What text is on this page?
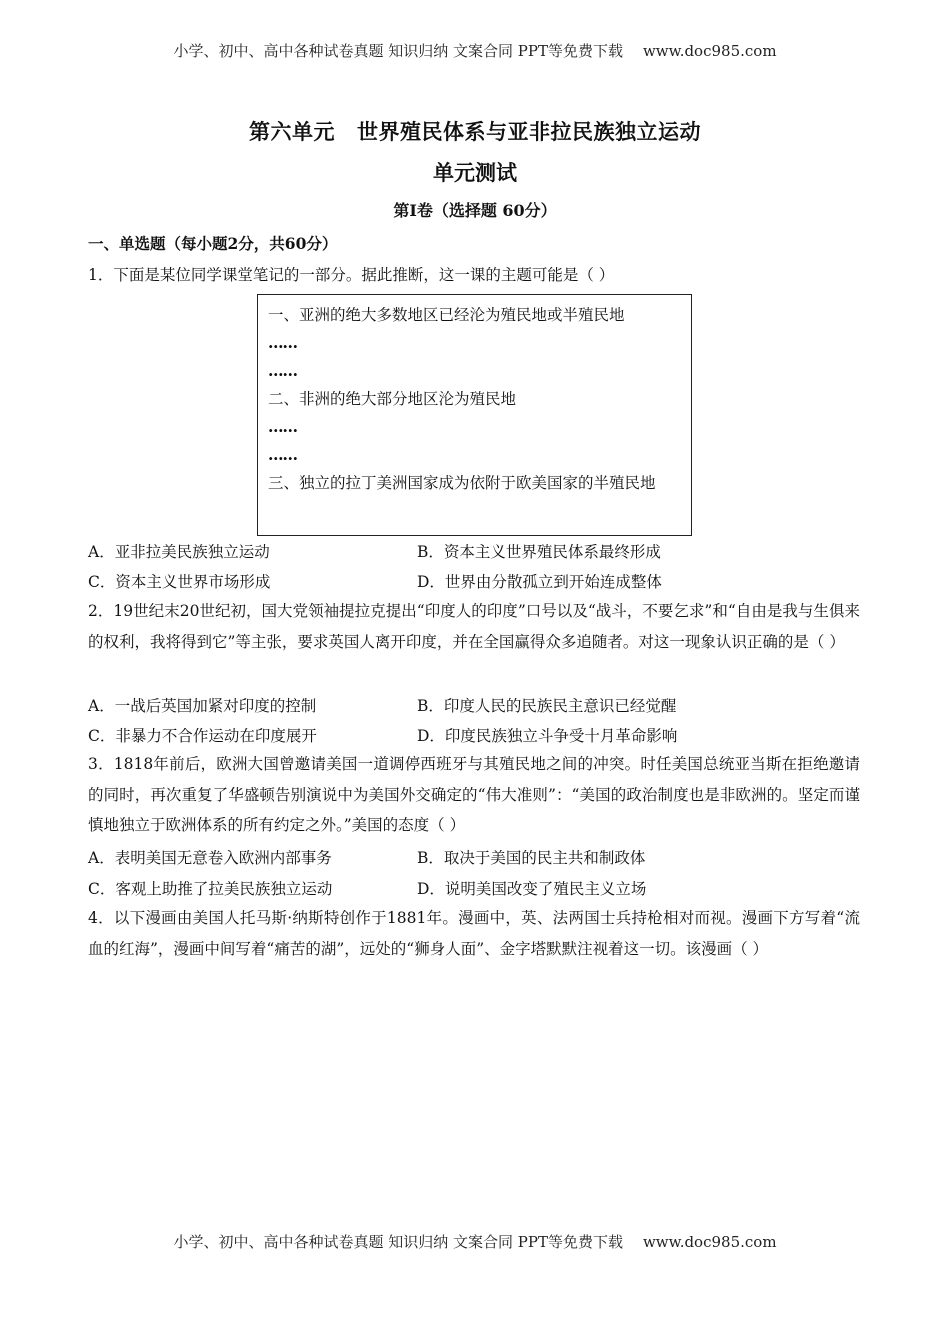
小学、初中、高中各种试卷真题 知识归纳 文案合同 PPT等免费下载 www.doc985.com
第六单元 世界殖民体系与亚非拉民族独立运动
单元测试
第I卷（选择题 60分）
一、单选题（每小题2分，共60分）
1．下面是某位同学课堂笔记的一部分。据此推断，这一课的主题可能是（ ）
一、亚洲的绝大多数地区已经沦为殖民地或半殖民地
……
……
二、非洲的绝大部分地区沦为殖民地
……
……
三、独立的拉丁美洲国家成为依附于欧美国家的半殖民地
A．亚非拉美民族独立运动	B．资本主义世界殖民体系最终形成
C．资本主义世界市场形成	D．世界由分散孤立到开始连成整体
2．19世纪末20世纪初，国大党领袖提拉克提出“印度人的印度”口号以及“战斗，不要乞求”和“自由是我与生俱来的权利，我将得到它”等主张，要求英国人离开印度，并在全国赢得众多追随者。对这一现象认识正确的是（ ）
A．一战后英国加紧对印度的控制	B．印度人民的民族民主意识已经觉醒
C．非暴力不合作运动在印度展开	D．印度民族独立斗争受十月革命影响
3．1818年前后，欧洲大国曾邀请美国一道调停西班牙与其殖民地之间的冲突。时任美国总统亚当斯在拒绝邀请的同时，再次重复了华盛顿告别演说中为美国外交确定的“伟大准则”：“美国的政治制度也是非欧洲的。坚定而谨慎地独立于欧洲体系的所有约定之外。”美国的态度（ ）
A．表明美国无意卷入欧洲内部事务	B．取决于美国的民主共和制政体
C．客观上助推了拉美民族独立运动	D．说明美国改变了殖民主义立场
4．以下漫画由美国人托马斯·纳斯特创作于1881年。漫画中，英、法两国士兵持枪相对而视。漫画下方写着“流血的红海”，漫画中间写着“痛苦的湖”，远处的“狮身人面”、金字塔默默注视着这一切。该漫画（ ）
小学、初中、高中各种试卷真题 知识归纳 文案合同 PPT等免费下载 www.doc985.com
